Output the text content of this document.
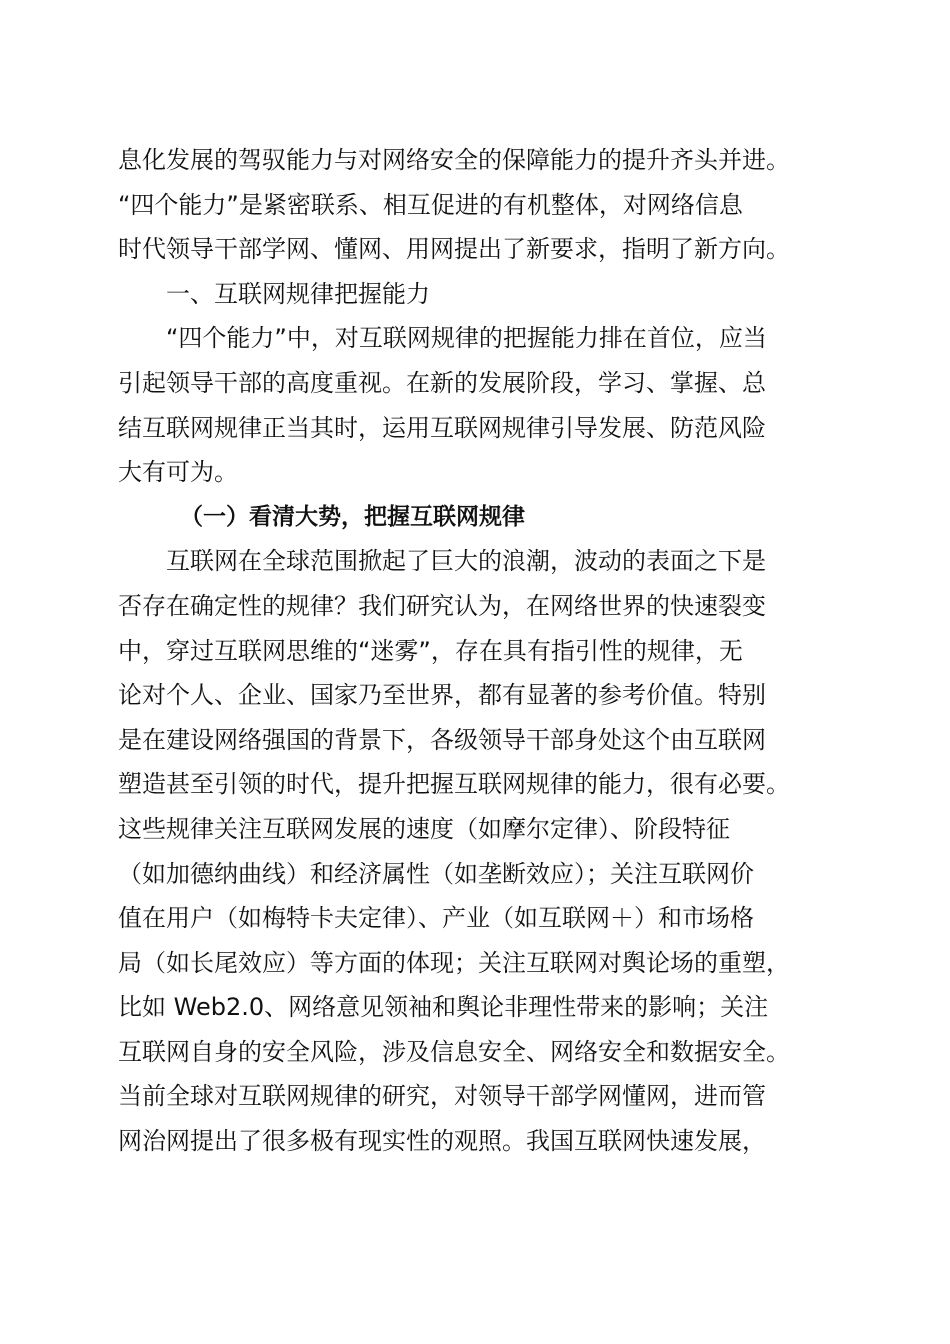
息化发展的驾驭能力与对网络安全的保障能力的提升齐头并进。
“四个能力”是紧密联系、相互促进的有机整体，对网络信息
时代领导干部学网、懂网、用网提出了新要求，指明了新方向。
一、互联网规律把握能力
“四个能力”中，对互联网规律的把握能力排在首位，应当
引起领导干部的高度重视。在新的发展阶段，学习、掌握、总
结互联网规律正当其时，运用互联网规律引导发展、防范风险
大有可为。
（一）看清大势，把握互联网规律
互联网在全球范围掀起了巨大的浪潮，波动的表面之下是
否存在确定性的规律？我们研究认为，在网络世界的快速裂变
中，穿过互联网思维的“迷雾”，存在具有指引性的规律，无
论对个人、企业、国家乃至世界，都有显著的参考价值。特别
是在建设网络强国的背景下，各级领导干部身处这个由互联网
塑造甚至引领的时代，提升把握互联网规律的能力，很有必要。
这些规律关注互联网发展的速度（如摩尔定律）、阶段特征
（如加德纳曲线）和经济属性（如垄断效应）；关注互联网价
值在用户（如梅特卡夫定律）、产业（如互联网＋）和市场格
局（如长尾效应）等方面的体现；关注互联网对舆论场的重塑，
比如 Web2.0、网络意见领袖和舆论非理性带来的影响；关注
互联网自身的安全风险，涉及信息安全、网络安全和数据安全。
当前全球对互联网规律的研究，对领导干部学网懂网，进而管
网治网提出了很多极有现实性的观照。我国互联网快速发展，
